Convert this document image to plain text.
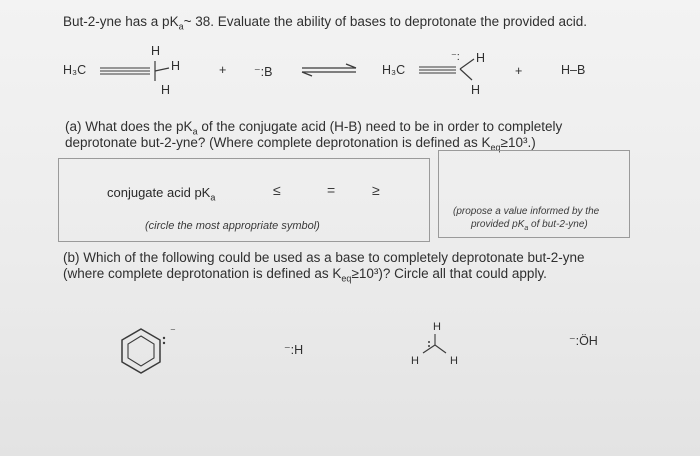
But-2-yne has a $pK_a\sim$ 38. Evaluate the ability of bases to deprotonate the provided acid.
H₃C
H
H
H
+ ⁻:B ⇌ H₃C
⁻: H
H
+	H–B
(a) What does the $pK_a$ of the conjugate acid (H-B) need to be in order to completely
deprotonate but-2-yne? (Where complete deprotonation is defined as $K_{eq}\ge 10^3$.)
conjugate acid $pK_a$	≤	=	≥
(circle the most appropriate symbol)
(propose a value informed by the
provided $pK_a$ of but-2-yne)
(b) Which of the following could be used as a base to completely deprotonate but-2-yne
(where complete deprotonation is defined as $K_{eq}\ge 10^3$)? Circle all that could apply.
⁻
⁻:H
H
H	H
⁻:ÖH
